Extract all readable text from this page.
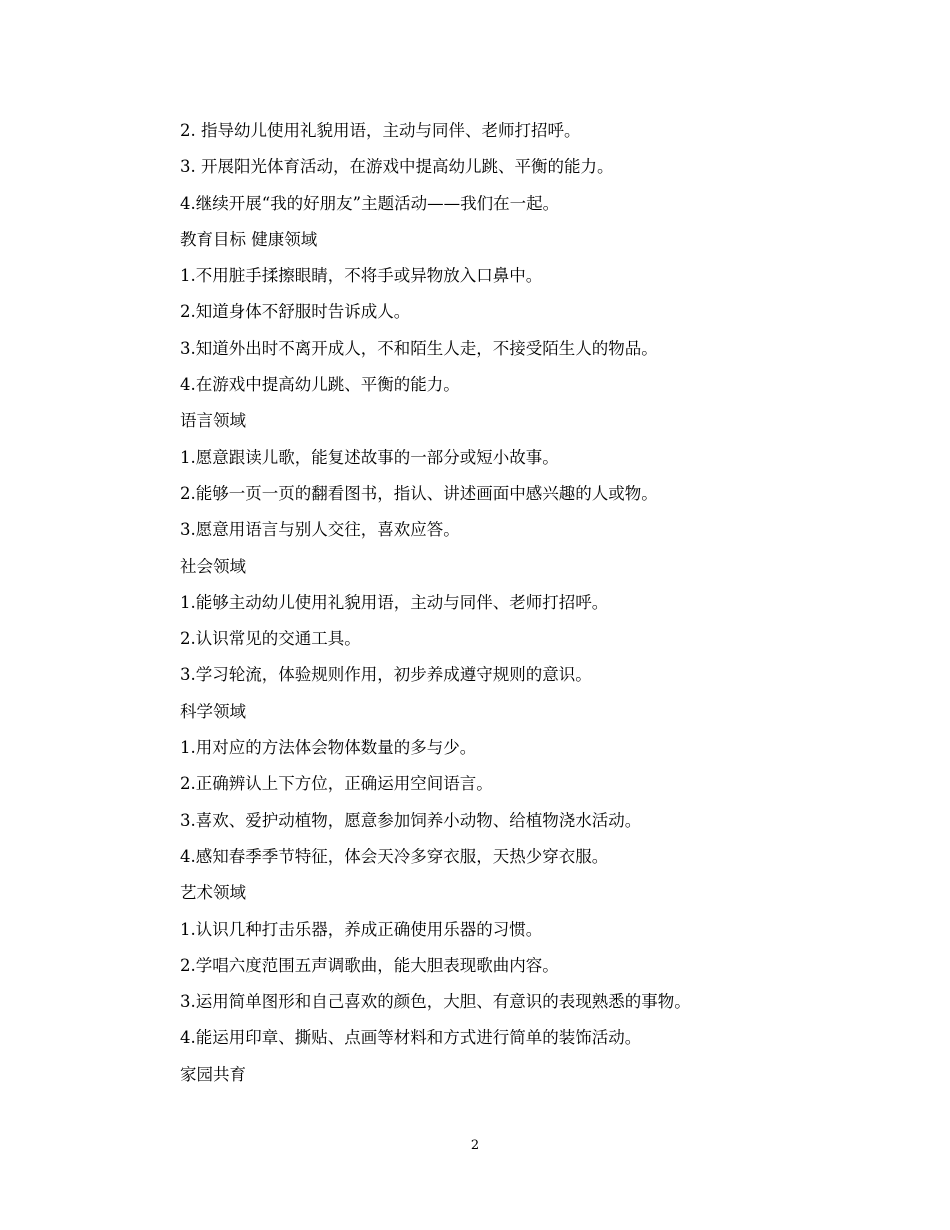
2. 指导幼儿使用礼貌用语，主动与同伴、老师打招呼。
3. 开展阳光体育活动，在游戏中提高幼儿跳、平衡的能力。
4.继续开展“我的好朋友”主题活动——我们在一起。
教育目标 健康领域
1.不用脏手揉擦眼睛，不将手或异物放入口鼻中。
2.知道身体不舒服时告诉成人。
3.知道外出时不离开成人，不和陌生人走，不接受陌生人的物品。
4.在游戏中提高幼儿跳、平衡的能力。
语言领域
1.愿意跟读儿歌，能复述故事的一部分或短小故事。
2.能够一页一页的翻看图书，指认、讲述画面中感兴趣的人或物。
3.愿意用语言与别人交往，喜欢应答。
社会领域
1.能够主动幼儿使用礼貌用语，主动与同伴、老师打招呼。
2.认识常见的交通工具。
3.学习轮流，体验规则作用，初步养成遵守规则的意识。
科学领域
1.用对应的方法体会物体数量的多与少。
2.正确辨认上下方位，正确运用空间语言。
3.喜欢、爱护动植物，愿意参加饲养小动物、给植物浇水活动。
4.感知春季季节特征，体会天冷多穿衣服，天热少穿衣服。
艺术领域
1.认识几种打击乐器，养成正确使用乐器的习惯。
2.学唱六度范围五声调歌曲，能大胆表现歌曲内容。
3.运用简单图形和自己喜欢的颜色，大胆、有意识的表现熟悉的事物。
4.能运用印章、撕贴、点画等材料和方式进行简单的装饰活动。
家园共育
2
